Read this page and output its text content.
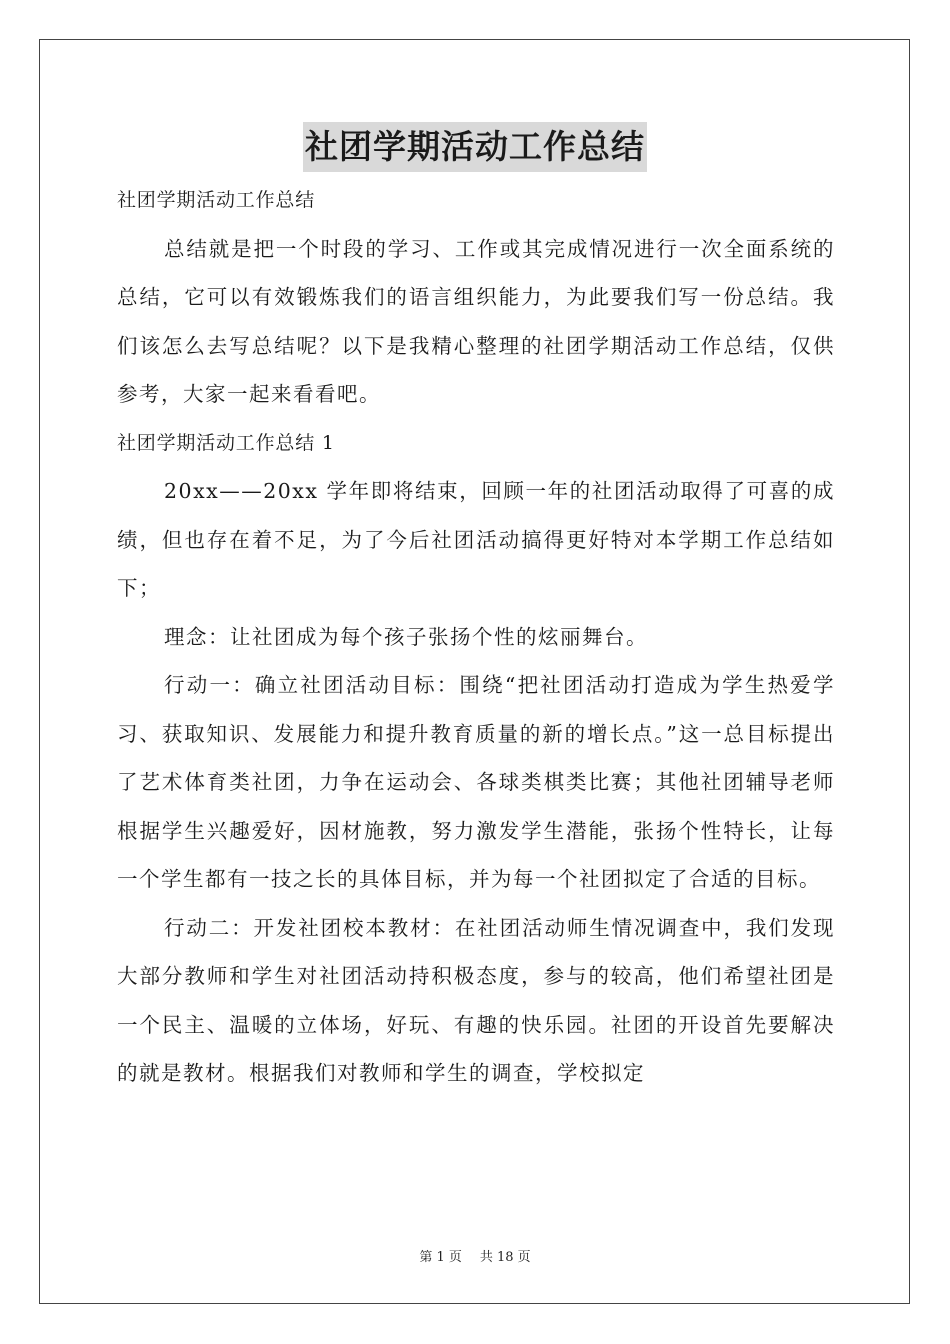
社团学期活动工作总结

社团学期活动工作总结

总结就是把一个时段的学习、工作或其完成情况进行一次全面系统的总结，它可以有效锻炼我们的语言组织能力，为此要我们写一份总结。我们该怎么去写总结呢？以下是我精心整理的社团学期活动工作总结，仅供参考，大家一起来看看吧。

社团学期活动工作总结 1

20xx——20xx 学年即将结束，回顾一年的社团活动取得了可喜的成绩，但也存在着不足，为了今后社团活动搞得更好特对本学期工作总结如下；

理念：让社团成为每个孩子张扬个性的炫丽舞台。

行动一：确立社团活动目标：围绕“把社团活动打造成为学生热爱学习、获取知识、发展能力和提升教育质量的新的增长点。”这一总目标提出了艺术体育类社团，力争在运动会、各球类棋类比赛；其他社团辅导老师根据学生兴趣爱好，因材施教，努力激发学生潜能，张扬个性特长，让每一个学生都有一技之长的具体目标，并为每一个社团拟定了合适的目标。

行动二：开发社团校本教材：在社团活动师生情况调查中，我们发现大部分教师和学生对社团活动持积极态度，参与的较高，他们希望社团是一个民主、温暖的立体场，好玩、有趣的快乐园。社团的开设首先要解决的就是教材。根据我们对教师和学生的调查，学校拟定

第 1 页 共 18 页
